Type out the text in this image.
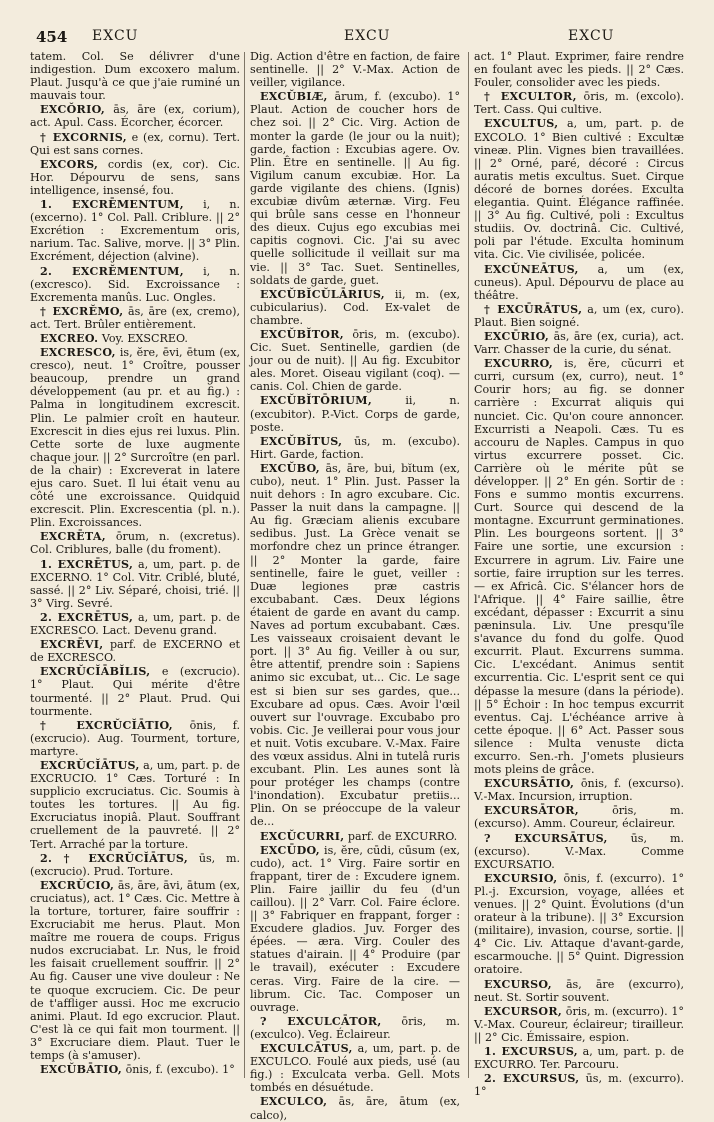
454 EXCU	EXCU	EXCU

tatem. Col. Se délivrer d'une indigestion. Dum excoxero malum. Plaut. Jusqu'à ce que j'aie ruminé un mauvais tour.

EXCŎRIO, ās, āre (ex, corium), act. Apul. Cass. Écorcher, écorcer.

† EXCORNIS, e (ex, cornu). Tert. Qui est sans cornes.

EXCORS, cordis (ex, cor). Cic. Hor. Dépourvu de sens, sans intelligence, insensé, fou.

1. EXCRĒMENTUM, i, n. (excerno). 1° Col. Pall. Criblure. || 2° Excrétion : Excrementum oris, narium. Tac. Salive, morve. || 3° Plin. Excrément, déjection (alvine).

2. EXCRĔMENTUM, i, n. (excresco). Sid. Excroissance : Excrementa manûs. Luc. Ongles.

† EXCRĔMO, ās, āre (ex, cremo), act. Tert. Brûler entièrement.

EXCREO. Voy. EXSCREO.

EXCRESCO, is, ĕre, ēvi, ētum (ex, cresco), neut. 1° Croître, pousser beaucoup, prendre un grand développement (au pr. et au fig.) : Palma in longitudinem excrescit. Plin. Le palmier croît en hauteur. Excrescit in dies ejus rei luxus. Plin. Cette sorte de luxe augmente chaque jour. || 2° Surcroître (en parl. de la chair) : Excreverat in latere ejus caro. Suet. Il lui était venu au côté une excroissance. Quidquid excrescit. Plin. Excrescentia (pl. n.). Plin. Excroissances.

EXCRĒTA, ōrum, n. (excretus). Col. Criblures, balle (du froment).

1. EXCRĒTUS, a, um, part. p. de EXCERNO. 1° Col. Vitr. Criblé, bluté, sassé. || 2° Liv. Séparé, choisi, trié. || 3° Virg. Sevré.

2. EXCRĒTUS, a, um, part. p. de EXCRESCO. Lact. Devenu grand.

EXCRĒVI, parf. de EXCERNO et de EXCRESCO.

EXCRŬCĬĀBĬLIS, e (excrucio). 1° Plaut. Qui mérite d'être tourmenté. || 2° Plaut. Prud. Qui tourmente.

† EXCRŬCĬĀTIO, ōnis, f. (excrucio). Aug. Tourment, torture, martyre.

EXCRŬCĬĀTUS, a, um, part. p. de EXCRUCIO. 1° Cæs. Torturé : In supplicio excruciatus. Cic. Soumis à toutes les tortures. || Au fig. Excruciatus inopiâ. Plaut. Souffrant cruellement de la pauvreté. || 2° Tert. Arraché par la torture.

2. † EXCRŬCĬĀTUS, ūs, m. (excrucio). Prud. Torture.

EXCRŬCIO, ās, āre, āvi, ātum (ex, cruciatus), act. 1° Cæs. Cic. Mettre à la torture, torturer, faire souffrir : Excruciabit me herus. Plaut. Mon maître me rouera de coups. Frigus nudos excruciabat. Lr. Nus, le froid les faisait cruellement souffrir. || 2° Au fig. Causer une vive douleur : Ne te quoque excruciem. Cic. De peur de t'affliger aussi. Hoc me excrucio animi. Plaut. Id ego excrucior. Plaut. C'est là ce qui fait mon tourment. || 3° Excruciare diem. Plaut. Tuer le temps (à s'amuser).

EXCŬBĀTIO, ōnis, f. (excubo). 1°

Dig. Action d'être en faction, de faire sentinelle. || 2° V.-Max. Action de veiller, vigilance.

EXCŬBIÆ, ārum, f. (excubo). 1° Plaut. Action de coucher hors de chez soi. || 2° Cic. Virg. Action de monter la garde (le jour ou la nuit); garde, faction : Excubias agere. Ov. Plin. Être en sentinelle. || Au fig. Vigilum canum excubiæ. Hor. La garde vigilante des chiens. (Ignis) excubiæ divûm æternæ. Virg. Feu qui brûle sans cesse en l'honneur des dieux. Cujus ego excubias mei capitis cognovi. Cic. J'ai su avec quelle sollicitude il veillait sur ma vie. || 3° Tac. Suet. Sentinelles, soldats de garde, guet.

EXCŬBĬCŬLĀRIUS, ii, m. (ex, cubicularius). Cod. Ex-valet de chambre.

EXCŬBĬTOR, ōris, m. (excubo). Cic. Suet. Sentinelle, gardien (de jour ou de nuit). || Au fig. Excubitor ales. Moret. Oiseau vigilant (coq). — canis. Col. Chien de garde.

EXCŬBĬTŌRIUM,	ii, n. (excubitor). P.-Vict. Corps de garde, poste.

EXCŬBĬTUS, ūs, m. (excubo). Hirt. Garde, faction.

EXCŬBO, ās, āre, bui, bĭtum (ex, cubo), neut. 1° Plin. Just. Passer la nuit dehors : In agro excubare. Cic. Passer la nuit dans la campagne. || Au fig. Græciam alienis excubare sedibus. Just. La Grèce venait se morfondre chez un prince étranger. || 2° Monter la garde, faire sentinelle, faire le guet, veiller : Duæ legiones præ castris excubabant. Cæs. Deux légions étaient de garde en avant du camp. Naves ad portum excubabant. Cæs. Les vaisseaux croisaient devant le port. || 3° Au fig. Veiller à ou sur, être attentif, prendre soin : Sapiens animo sic excubat, ut... Cic. Le sage est si bien sur ses gardes, que... Excubare ad opus. Cæs. Avoir l'œil ouvert sur l'ouvrage. Excubabo pro vobis. Cic. Je veillerai pour vous jour et nuit. Votis excubare. V.-Max. Faire des vœux assidus. Alni in tutelâ ruris excubant. Plin. Les aunes sont là pour protéger les champs (contre l'inondation). Excubatur pretiis... Plin. On se préoccupe de la valeur de...

EXCŬCURRI, parf. de EXCURRO.

EXCŪDO, is, ĕre, cūdi, cūsum (ex, cudo), act. 1° Virg. Faire sortir en frappant, tirer de : Excudere ignem. Plin. Faire jaillir du feu (d'un caillou). || 2° Varr. Col. Faire éclore. || 3° Fabriquer en frappant, forger : Excudere gladios. Juv. Forger des épées. — æra. Virg. Couler des statues d'airain. || 4° Produire (par le travail), exécuter : Excudere ceras. Virg. Faire de la cire. — librum. Cic. Tac. Composer un ouvrage.

? EXCULCĀTOR, ōris, m. (exculco). Veg. Éclaireur.

EXCULCĀTUS, a, um, part. p. de EXCULCO. Foulé aux pieds, usé (au fig.) : Exculcata verba. Gell. Mots tombés en désuétude.

EXCULCO, ās, āre, ātum (ex, calco),

act. 1° Plaut. Exprimer, faire rendre en foulant avec les pieds. || 2° Cæs. Fouler, consolider avec les pieds.

† EXCULTOR, ōris, m. (excolo). Tert. Cass. Qui cultive.

EXCULTUS, a, um, part. p. de EXCOLO. 1° Bien cultivé : Excultæ vineæ. Plin. Vignes bien travaillées. || 2° Orné, paré, décoré : Circus auratis metis excultus. Suet. Cirque décoré de bornes dorées. Exculta elegantia. Quint. Élégance raffinée. || 3° Au fig. Cultivé, poli : Excultus studiis. Ov. doctrinâ. Cic. Cultivé, poli par l'étude. Exculta hominum vita. Cic. Vie civilisée, policée.

EXCŬNEĀTUS, a, um (ex, cuneus). Apul. Dépourvu de place au théâtre.

† EXCŪRĀTUS, a, um (ex, curo). Plaut. Bien soigné.

EXCŪRIO, ās, āre (ex, curia), act. Varr. Chasser de la curie, du sénat.

EXCURRO, is, ĕre, cŭcurri et curri, cursum (ex, curro), neut. 1° Courir hors; au fig. se donner carrière : Excurrat aliquis qui nunciet. Cic. Qu'on coure annoncer. Excurristi a Neapoli. Cæs. Tu es accouru de Naples. Campus in quo virtus excurrere posset. Cic. Carrière où le mérite pût se développer. || 2° En gén. Sortir de : Fons e summo montis excurrens. Curt. Source qui descend de la montagne. Excurrunt germinationes. Plin. Les bourgeons sortent. || 3° Faire une sortie, une excursion : Excurrere in agrum. Liv. Faire une sortie, faire irruption sur les terres.— ex Africâ. Cic. S'élancer hors de l'Afrique. || 4° Faire saillie, être excédant, dépasser : Excurrit a sinu pæninsula. Liv. Une presqu'île s'avance du fond du golfe. Quod excurrit. Plaut. Excurrens summa. Cic. L'excédant. Animus sentit excurrentia. Cic. L'esprit sent ce qui dépasse la mesure (dans la période). || 5° Échoir : In hoc tempus excurrit eventus. Caj. L'échéance arrive à cette époque. || 6° Act. Passer sous silence : Multa venuste dicta excurro. Sen.-rh. J'omets plusieurs mots pleins de grâce.

EXCURSĀTIO, ōnis, f. (excurso). V.-Max. Incursion, irruption.

EXCURSĀTOR,	ōris, m. (excurso). Amm. Coureur, éclaireur.

? EXCURSĀTUS, ūs, m. (excurso). V.-Max. Comme EXCURSATIO.

EXCURSIO, ōnis, f. (excurro). 1° Pl.-j. Excursion, voyage, allées et venues. || 2° Quint. Évolutions (d'un orateur à la tribune). || 3° Excursion (militaire), invasion, course, sortie. || 4° Cic. Liv. Attaque d'avant-garde, escarmouche. || 5° Quint. Digression oratoire.

EXCURSO, ās, āre (excurro), neut. St. Sortir souvent.

EXCURSOR, ōris, m. (excurro). 1° V.-Max. Coureur, éclaireur; tirailleur. || 2° Cic. Émissaire, espion.

1. EXCURSUS, a, um, part. p. de EXCURRO. Ter. Parcouru.

2. EXCURSUS, ūs, m. (excurro). 1°
